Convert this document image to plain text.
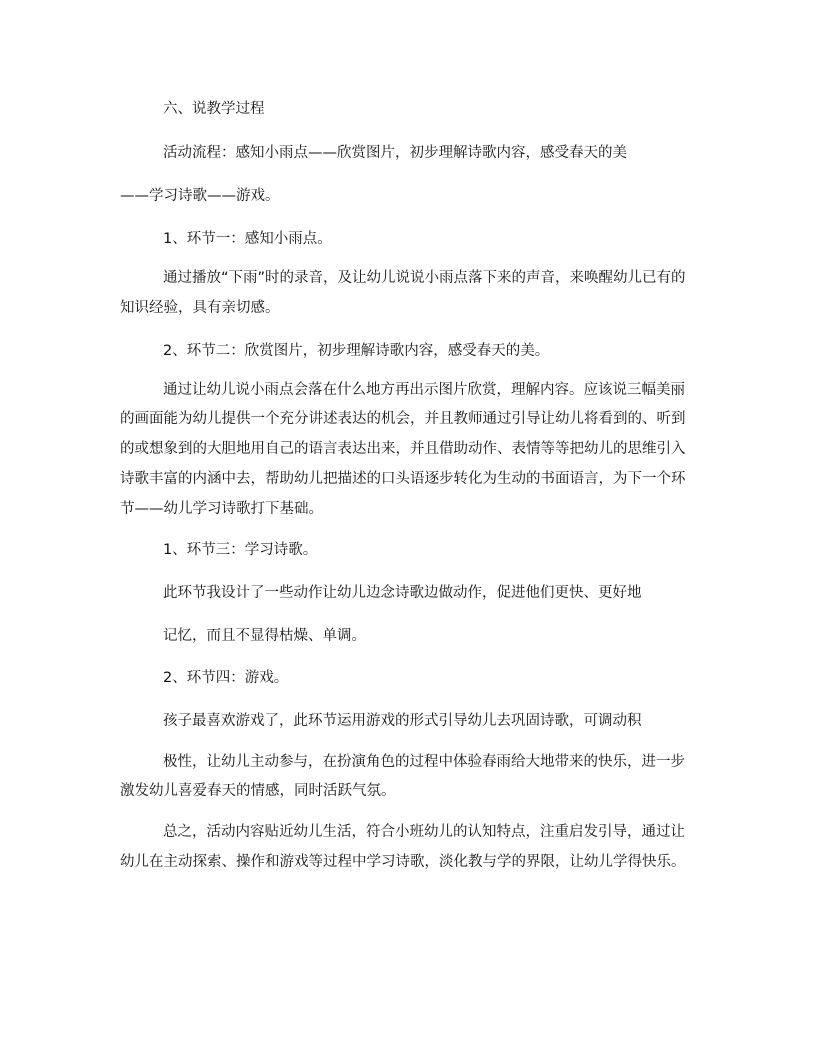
六、说教学过程
活动流程：感知小雨点——欣赏图片，初步理解诗歌内容，感受春天的美
——学习诗歌——游戏。
1、环节一：感知小雨点。
通过播放“下雨”时的录音，及让幼儿说说小雨点落下来的声音，来唤醒幼儿已有的
知识经验，具有亲切感。
2、环节二：欣赏图片，初步理解诗歌内容，感受春天的美。
通过让幼儿说小雨点会落在什么地方再出示图片欣赏，理解内容。应该说三幅美丽
的画面能为幼儿提供一个充分讲述表达的机会，并且教师通过引导让幼儿将看到的、听到
的或想象到的大胆地用自己的语言表达出来，并且借助动作、表情等等把幼儿的思维引入
诗歌丰富的内涵中去，帮助幼儿把描述的口头语逐步转化为生动的书面语言，为下一个环
节——幼儿学习诗歌打下基础。
1、环节三：学习诗歌。
此环节我设计了一些动作让幼儿边念诗歌边做动作，促进他们更快、更好地
记忆，而且不显得枯燥、单调。
2、环节四：游戏。
孩子最喜欢游戏了，此环节运用游戏的形式引导幼儿去巩固诗歌，可调动积
极性，让幼儿主动参与，在扮演角色的过程中体验春雨给大地带来的快乐，进一步
激发幼儿喜爱春天的情感，同时活跃气氛。
总之，活动内容贴近幼儿生活，符合小班幼儿的认知特点，注重启发引导，通过让
幼儿在主动探索、操作和游戏等过程中学习诗歌，淡化教与学的界限，让幼儿学得快乐。
